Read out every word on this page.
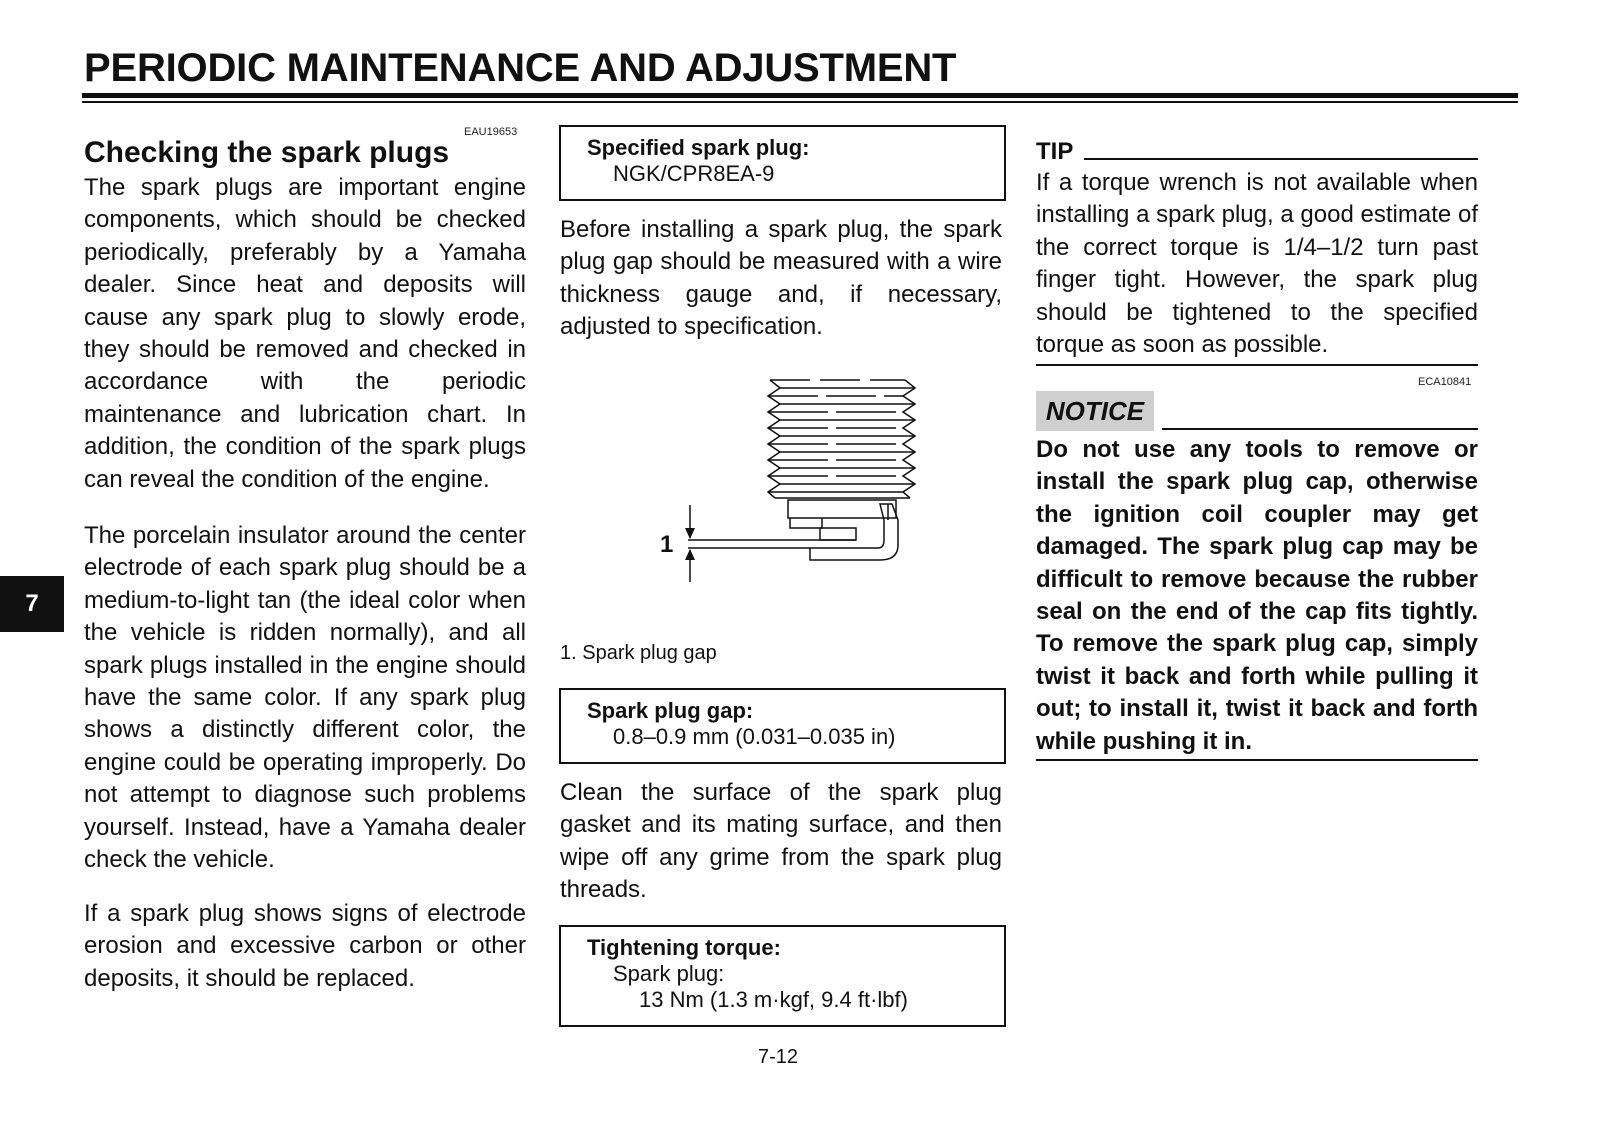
PERIODIC MAINTENANCE AND ADJUSTMENT
7
EAU19653
Checking the spark plugs
The spark plugs are important engine components, which should be checked periodically, preferably by a Yamaha dealer. Since heat and deposits will cause any spark plug to slowly erode, they should be removed and checked in accordance with the periodic maintenance and lubrication chart. In addition, the condition of the spark plugs can reveal the condition of the engine.
The porcelain insulator around the center electrode of each spark plug should be a medium-to-light tan (the ideal color when the vehicle is ridden normally), and all spark plugs installed in the engine should have the same color. If any spark plug shows a distinctly different color, the engine could be operating improperly. Do not attempt to diagnose such problems yourself. Instead, have a Yamaha dealer check the vehicle.
If a spark plug shows signs of electrode erosion and excessive carbon or other deposits, it should be replaced.
Specified spark plug:
NGK/CPR8EA-9
Before installing a spark plug, the spark plug gap should be measured with a wire thickness gauge and, if necessary, adjusted to specification.
1
1. Spark plug gap
Spark plug gap:
0.8–0.9 mm (0.031–0.035 in)
Clean the surface of the spark plug gasket and its mating surface, and then wipe off any grime from the spark plug threads.
Tightening torque:
Spark plug:
13 Nm (1.3 m·kgf, 9.4 ft·lbf)
TIP
If a torque wrench is not available when installing a spark plug, a good estimate of the correct torque is 1/4–1/2 turn past finger tight. However, the spark plug should be tightened to the specified torque as soon as possible.
ECA10841
NOTICE
Do not use any tools to remove or install the spark plug cap, otherwise the ignition coil coupler may get damaged. The spark plug cap may be difficult to remove because the rubber seal on the end of the cap fits tightly. To remove the spark plug cap, simply twist it back and forth while pulling it out; to install it, twist it back and forth while pushing it in.
7-12
